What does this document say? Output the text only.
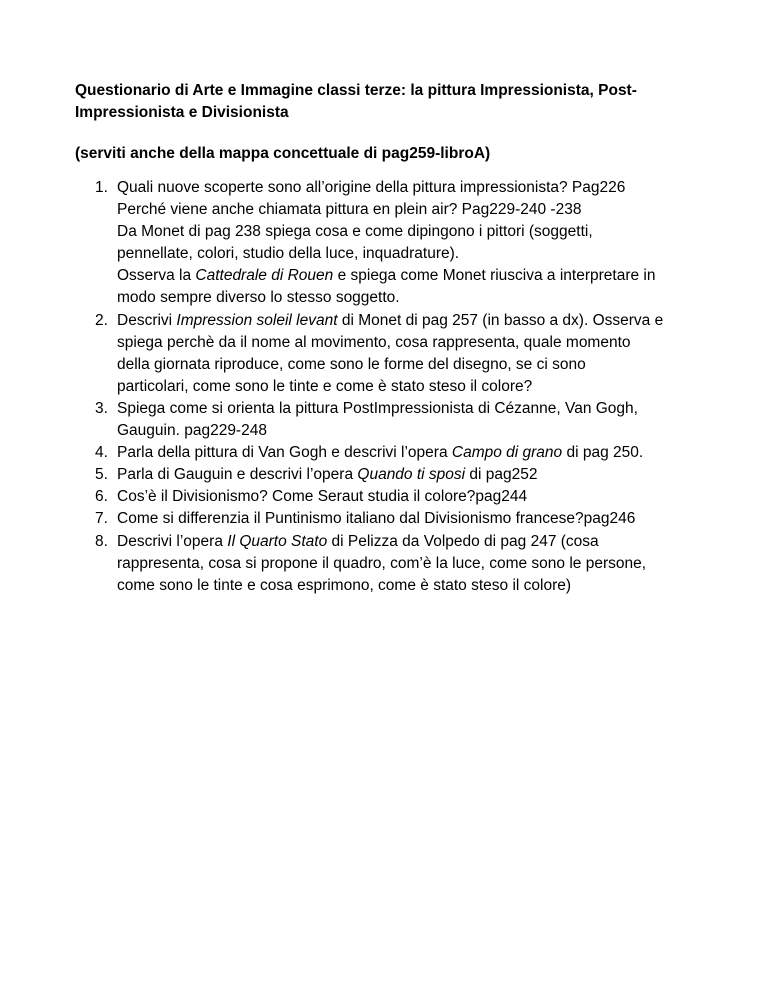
Questionario di Arte e Immagine classi terze: la pittura Impressionista, Post-
Impressionista e Divisionista

(serviti anche della mappa concettuale di pag259-libroA)

1. Quali nuove scoperte sono all’origine della pittura impressionista? Pag226
Perché viene anche chiamata pittura en plein air? Pag229-240 -238
Da Monet di pag 238 spiega cosa e come dipingono i pittori (soggetti,
pennellate, colori, studio della luce, inquadrature).
Osserva la Cattedrale di Rouen e spiega come Monet riusciva a interpretare in
modo sempre diverso lo stesso soggetto.
2. Descrivi Impression soleil levant di Monet di pag 257 (in basso a dx). Osserva e
spiega perchè da il nome al movimento, cosa rappresenta, quale momento
della giornata riproduce, come sono le forme del disegno, se ci sono
particolari, come sono le tinte e come è stato steso il colore?
3. Spiega come si orienta la pittura PostImpressionista di Cézanne, Van Gogh,
Gauguin. pag229-248
4. Parla della pittura di Van Gogh e descrivi l’opera Campo di grano di pag 250.
5. Parla di Gauguin e descrivi l’opera Quando ti sposi di pag252
6. Cos’è il Divisionismo? Come Seraut studia il colore?pag244
7. Come si differenzia il Puntinismo italiano dal Divisionismo francese?pag246
8. Descrivi l’opera Il Quarto Stato di Pelizza da Volpedo di pag 247 (cosa
rappresenta, cosa si propone il quadro, com’è la luce, come sono le persone,
come sono le tinte e cosa esprimono, come è stato steso il colore)
